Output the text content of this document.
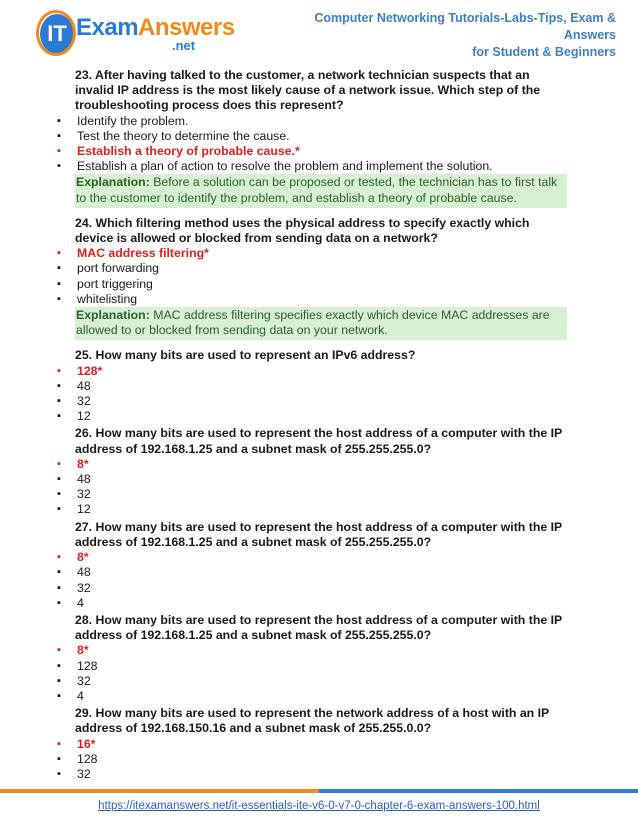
IT ExamAnswers
.net
Computer Networking Tutorials-Labs-Tips, Exam & Answers
for Student & Beginners
23. After having talked to the customer, a network technician suspects that an invalid IP address is the most likely cause of a network issue. Which step of the troubleshooting process does this represent?
▪ Identify the problem.
▪ Test the theory to determine the cause.
▪ Establish a theory of probable cause.*
▪ Establish a plan of action to resolve the problem and implement the solution.
Explanation: Before a solution can be proposed or tested, the technician has to first talk to the customer to identify the problem, and establish a theory of probable cause.
24. Which filtering method uses the physical address to specify exactly which device is allowed or blocked from sending data on a network?
▪ MAC address filtering*
▪ port forwarding
▪ port triggering
▪ whitelisting
Explanation: MAC address filtering specifies exactly which device MAC addresses are allowed to or blocked from sending data on your network.
25. How many bits are used to represent an IPv6 address?
▪ 128*
▪ 48
▪ 32
▪ 12
26. How many bits are used to represent the host address of a computer with the IP address of 192.168.1.25 and a subnet mask of 255.255.255.0?
▪ 8*
▪ 48
▪ 32
▪ 12
27. How many bits are used to represent the host address of a computer with the IP address of 192.168.1.25 and a subnet mask of 255.255.255.0?
▪ 8*
▪ 48
▪ 32
▪ 4
28. How many bits are used to represent the host address of a computer with the IP address of 192.168.1.25 and a subnet mask of 255.255.255.0?
▪ 8*
▪ 128
▪ 32
▪ 4
29. How many bits are used to represent the network address of a host with an IP address of 192.168.150.16 and a subnet mask of 255.255.0.0?
▪ 16*
▪ 128
▪ 32
https://itexamanswers.net/it-essentials-ite-v6-0-v7-0-chapter-6-exam-answers-100.html
